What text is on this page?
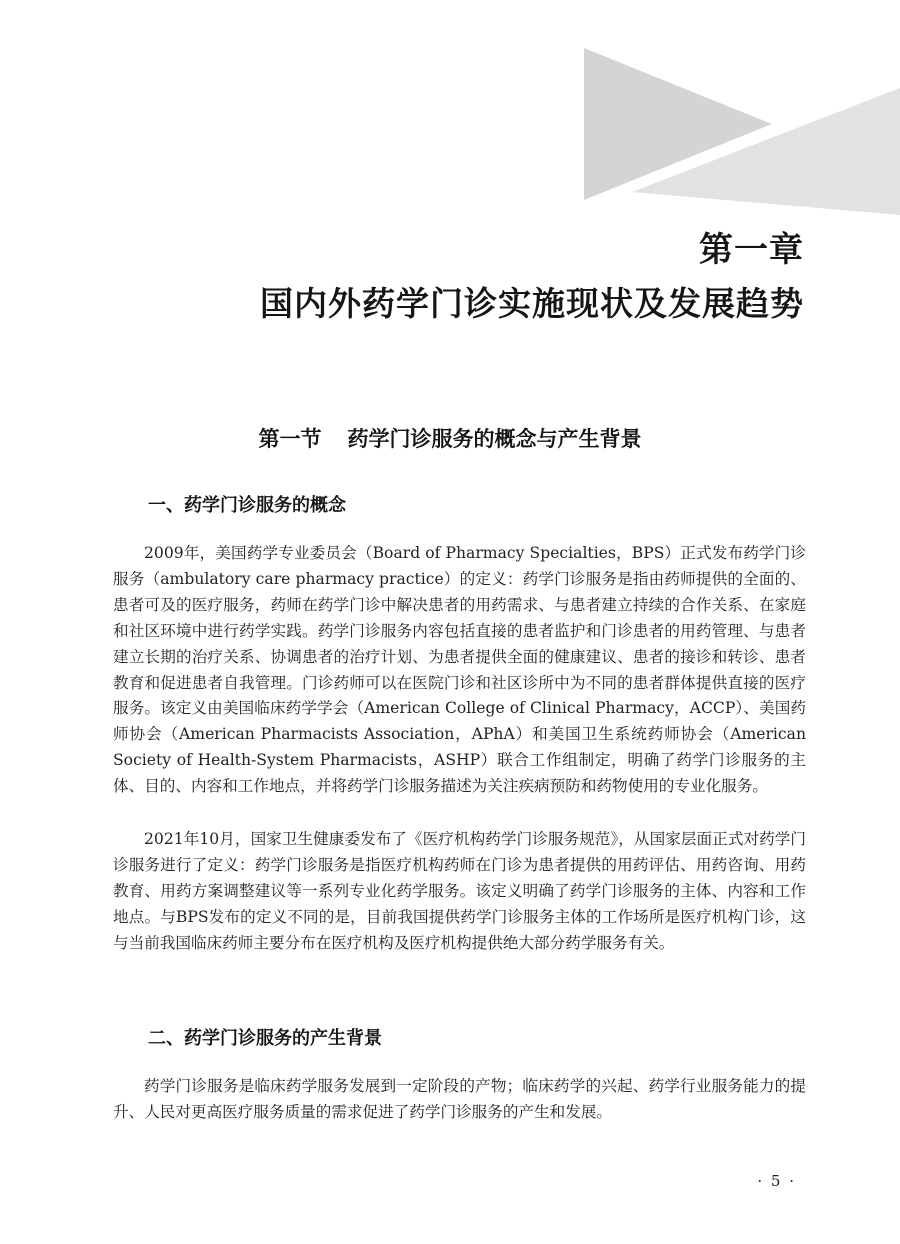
第一章
国内外药学门诊实施现状及发展趋势
第一节 药学门诊服务的概念与产生背景
一、药学门诊服务的概念

2009年，美国药学专业委员会（Board of Pharmacy Specialties，BPS）正式发布药学门诊服务（ambulatory care pharmacy practice）的定义：药学门诊服务是指由药师提供的全面的、患者可及的医疗服务，药师在药学门诊中解决患者的用药需求、与患者建立持续的合作关系、在家庭和社区环境中进行药学实践。药学门诊服务内容包括直接的患者监护和门诊患者的用药管理、与患者建立长期的治疗关系、协调患者的治疗计划、为患者提供全面的健康建议、患者的接诊和转诊、患者教育和促进患者自我管理。门诊药师可以在医院门诊和社区诊所中为不同的患者群体提供直接的医疗服务。该定义由美国临床药学学会（American College of Clinical Pharmacy，ACCP）、美国药师协会（American Pharmacists Association，APhA）和美国卫生系统药师协会（American Society of Health-System Pharmacists，ASHP）联合工作组制定，明确了药学门诊服务的主体、目的、内容和工作地点，并将药学门诊服务描述为关注疾病预防和药物使用的专业化服务。

2021年10月，国家卫生健康委发布了《医疗机构药学门诊服务规范》，从国家层面正式对药学门诊服务进行了定义：药学门诊服务是指医疗机构药师在门诊为患者提供的用药评估、用药咨询、用药教育、用药方案调整建议等一系列专业化药学服务。该定义明确了药学门诊服务的主体、内容和工作地点。与BPS发布的定义不同的是，目前我国提供药学门诊服务主体的工作场所是医疗机构门诊，这与当前我国临床药师主要分布在医疗机构及医疗机构提供绝大部分药学服务有关。

二、药学门诊服务的产生背景

药学门诊服务是临床药学服务发展到一定阶段的产物；临床药学的兴起、药学行业服务能力的提升、人民对更高医疗服务质量的需求促进了药学门诊服务的产生和发展。

· 5 ·
